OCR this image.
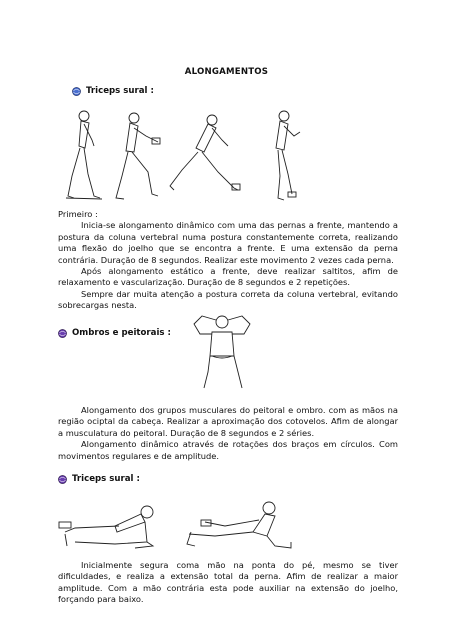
ALONGAMENTOS
Triceps sural :

Primeiro :

Inicia-se alongamento dinâmico com uma das pernas a frente, mantendo a postura da coluna vertebral numa postura constantemente correta, realizando uma flexão do joelho que se encontra a frente. E uma extensão da perna contrária. Duração de 8 segundos. Realizar este movimento 2 vezes cada perna.

Após alongamento estático a frente, deve realizar saltitos, afim de relaxamento e vascularização. Duração de 8 segundos e 2 repetições.

Sempre dar muita atenção a postura correta da coluna vertebral, evitando sobrecargas nesta.

Ombros e peitorais :

Alongamento dos grupos musculares do peitoral e ombro. com as mãos na região ociptal da cabeça. Realizar a aproximação dos cotovelos. Afim de alongar a musculatura do peitoral. Duração de 8 segundos e 2 séries.

Alongamento dinâmico através de rotações dos braços em círculos. Com movimentos regulares e de amplitude.

Triceps sural :

Inicialmente segura coma mão na ponta do pé, mesmo se tiver dificuldades, e realiza a extensão total da perna. Afim de realizar a maior amplitude. Com a mão contrária esta pode auxiliar na extensão do joelho, forçando para baixo.
